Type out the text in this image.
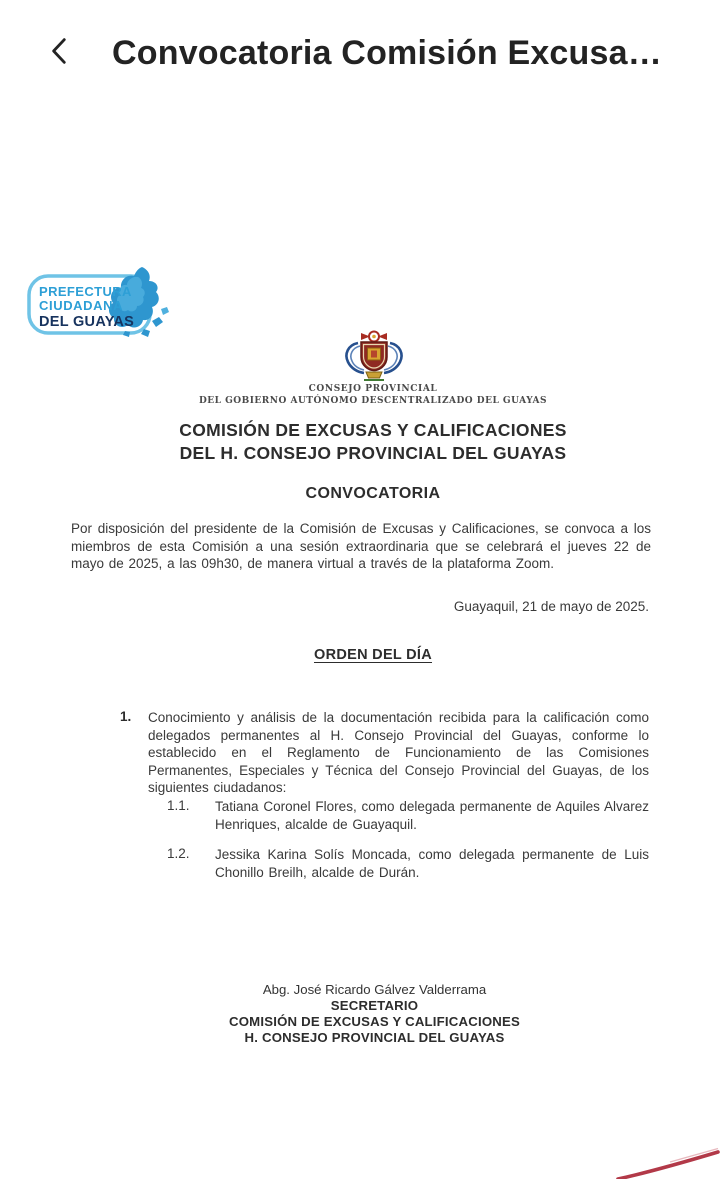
Convocatoria Comisión Excusa…
PREFECTURA
CIUDADANA
DEL GUAYAS
CONSEJO PROVINCIAL
DEL GOBIERNO AUTÓNOMO DESCENTRALIZADO DEL GUAYAS
COMISIÓN DE EXCUSAS Y CALIFICACIONES
DEL H. CONSEJO PROVINCIAL DEL GUAYAS
CONVOCATORIA
Por disposición del presidente de la Comisión de Excusas y Calificaciones, se convoca a los miembros de esta Comisión a una sesión extraordinaria que se celebrará el jueves 22 de mayo de 2025, a las 09h30, de manera virtual a través de la plataforma Zoom.
Guayaquil, 21 de mayo de 2025.
ORDEN DEL DÍA
1.	Conocimiento y análisis de la documentación recibida para la calificación como delegados permanentes al H. Consejo Provincial del Guayas, conforme lo establecido en el Reglamento de Funcionamiento de las Comisiones Permanentes, Especiales y Técnica del Consejo Provincial del Guayas, de los siguientes ciudadanos:
1.1.	Tatiana Coronel Flores, como delegada permanente de Aquiles Alvarez Henriques, alcalde de Guayaquil.
1.2.	Jessika Karina Solís Moncada, como delegada permanente de Luis Chonillo Breilh, alcalde de Durán.
Abg. José Ricardo Gálvez Valderrama
SECRETARIO
COMISIÓN DE EXCUSAS Y CALIFICACIONES
H. CONSEJO PROVINCIAL DEL GUAYAS
